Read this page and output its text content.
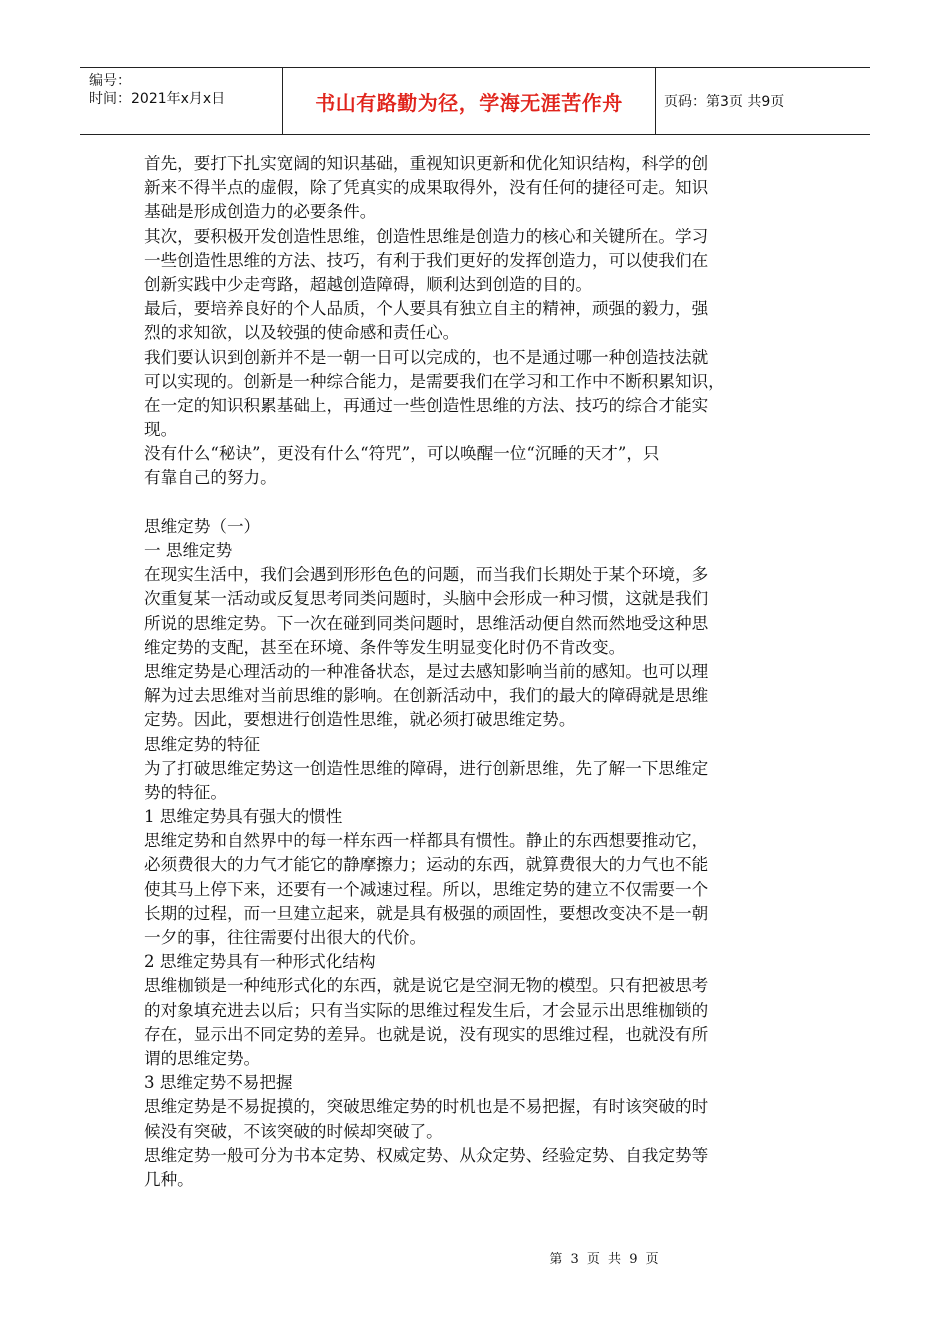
编号：
时间：2021年x月x日	书山有路勤为径，学海无涯苦作舟	页码：第3页 共9页
首先，要打下扎实宽阔的知识基础，重视知识更新和优化知识结构，科学的创
新来不得半点的虚假，除了凭真实的成果取得外，没有任何的捷径可走。知识
基础是形成创造力的必要条件。
其次，要积极开发创造性思维，创造性思维是创造力的核心和关键所在。学习
一些创造性思维的方法、技巧，有利于我们更好的发挥创造力，可以使我们在
创新实践中少走弯路，超越创造障碍，顺利达到创造的目的。
最后，要培养良好的个人品质，个人要具有独立自主的精神，顽强的毅力，强
烈的求知欲，以及较强的使命感和责任心。
我们要认识到创新并不是一朝一日可以完成的，也不是通过哪一种创造技法就
可以实现的。创新是一种综合能力，是需要我们在学习和工作中不断积累知识，
在一定的知识积累基础上，再通过一些创造性思维的方法、技巧的综合才能实
现。
没有什么“秘诀”，更没有什么“符咒”，可以唤醒一位“沉睡的天才”，只
有靠自己的努力。
思维定势（一）
一 思维定势
在现实生活中，我们会遇到形形色色的问题，而当我们长期处于某个环境，多
次重复某一活动或反复思考同类问题时，头脑中会形成一种习惯，这就是我们
所说的思维定势。下一次在碰到同类问题时，思维活动便自然而然地受这种思
维定势的支配，甚至在环境、条件等发生明显变化时仍不肯改变。
思维定势是心理活动的一种准备状态，是过去感知影响当前的感知。也可以理
解为过去思维对当前思维的影响。在创新活动中，我们的最大的障碍就是思维
定势。因此，要想进行创造性思维，就必须打破思维定势。
思维定势的特征
为了打破思维定势这一创造性思维的障碍，进行创新思维，先了解一下思维定
势的特征。
1 思维定势具有强大的惯性
思维定势和自然界中的每一样东西一样都具有惯性。静止的东西想要推动它，
必须费很大的力气才能它的静摩擦力；运动的东西，就算费很大的力气也不能
使其马上停下来，还要有一个减速过程。所以，思维定势的建立不仅需要一个
长期的过程，而一旦建立起来，就是具有极强的顽固性，要想改变决不是一朝
一夕的事，往往需要付出很大的代价。
2 思维定势具有一种形式化结构
思维枷锁是一种纯形式化的东西，就是说它是空洞无物的模型。只有把被思考
的对象填充进去以后；只有当实际的思维过程发生后，才会显示出思维枷锁的
存在，显示出不同定势的差异。也就是说，没有现实的思维过程，也就没有所
谓的思维定势。
3 思维定势不易把握
思维定势是不易捉摸的，突破思维定势的时机也是不易把握，有时该突破的时
候没有突破，不该突破的时候却突破了。
思维定势一般可分为书本定势、权威定势、从众定势、经验定势、自我定势等
几种。
第 3 页 共 9 页
